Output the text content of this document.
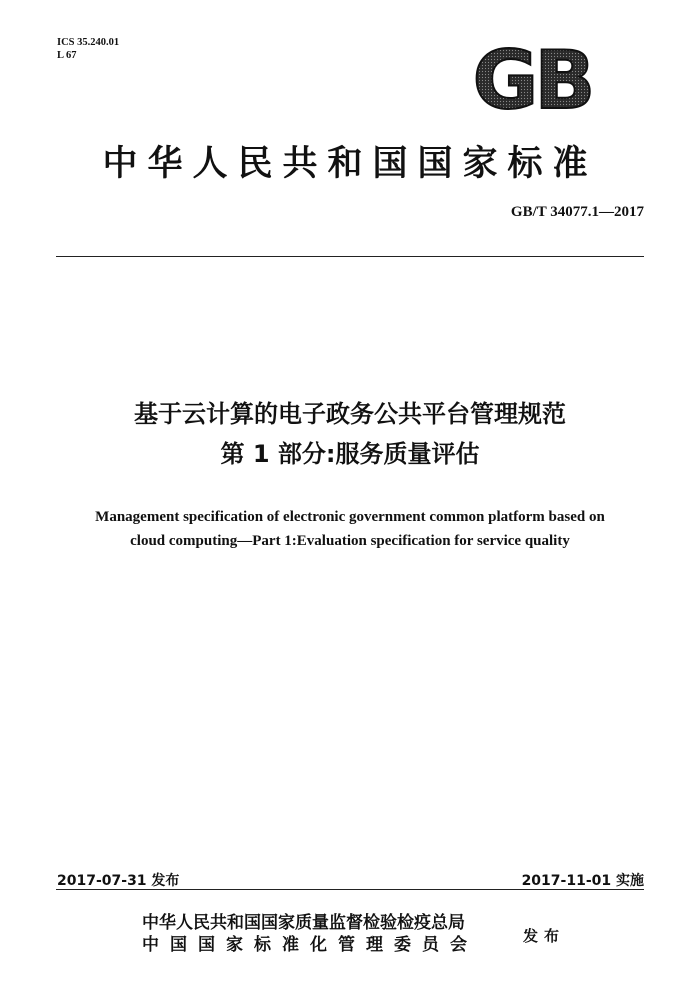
ICS 35.240.01
L 67	GB
中华人民共和国国家标准
GB/T 34077.1—2017
基于云计算的电子政务公共平台管理规范
第 1 部分:服务质量评估
Management specification of electronic government common platform based on
cloud computing—Part 1:Evaluation specification for service quality
2017-07-31 发布	2017-11-01 实施
中华人民共和国国家质量监督检验检疫总局
中国国家标准化管理委员会	发布
